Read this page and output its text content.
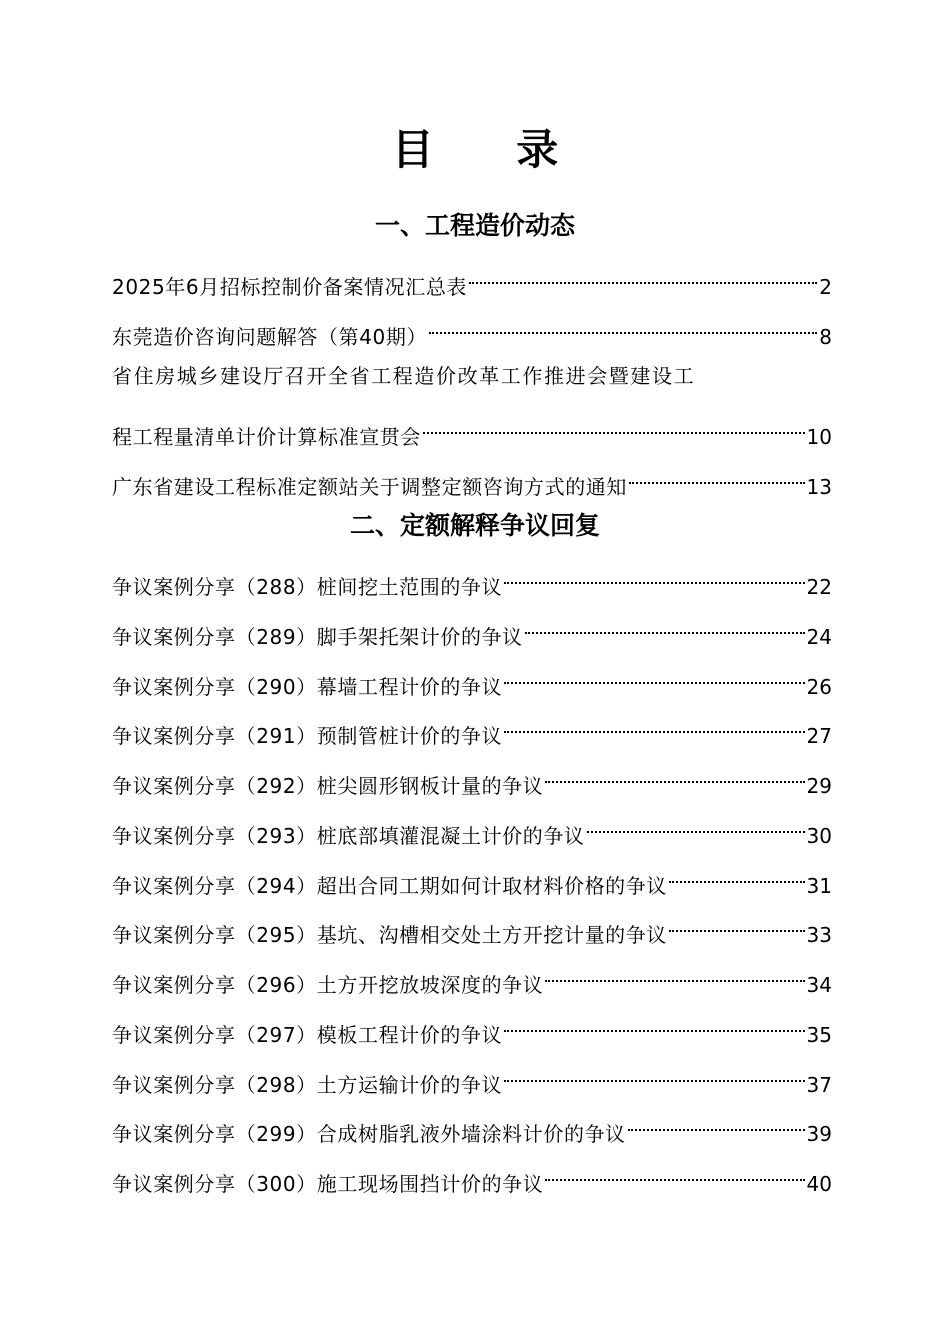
目 录
一、工程造价动态
2025年6月招标控制价备案情况汇总表	2
东莞造价咨询问题解答（第40期）	8
省住房城乡建设厅召开全省工程造价改革工作推进会暨建设工
程工程量清单计价计算标准宣贯会	10
广东省建设工程标准定额站关于调整定额咨询方式的通知	13
二、定额解释争议回复
争议案例分享（288）桩间挖土范围的争议	22
争议案例分享（289）脚手架托架计价的争议	24
争议案例分享（290）幕墙工程计价的争议	26
争议案例分享（291）预制管桩计价的争议	27
争议案例分享（292）桩尖圆形钢板计量的争议	29
争议案例分享（293）桩底部填灌混凝土计价的争议	30
争议案例分享（294）超出合同工期如何计取材料价格的争议	31
争议案例分享（295）基坑、沟槽相交处土方开挖计量的争议	33
争议案例分享（296）土方开挖放坡深度的争议	34
争议案例分享（297）模板工程计价的争议	35
争议案例分享（298）土方运输计价的争议	37
争议案例分享（299）合成树脂乳液外墙涂料计价的争议	39
争议案例分享（300）施工现场围挡计价的争议	40
